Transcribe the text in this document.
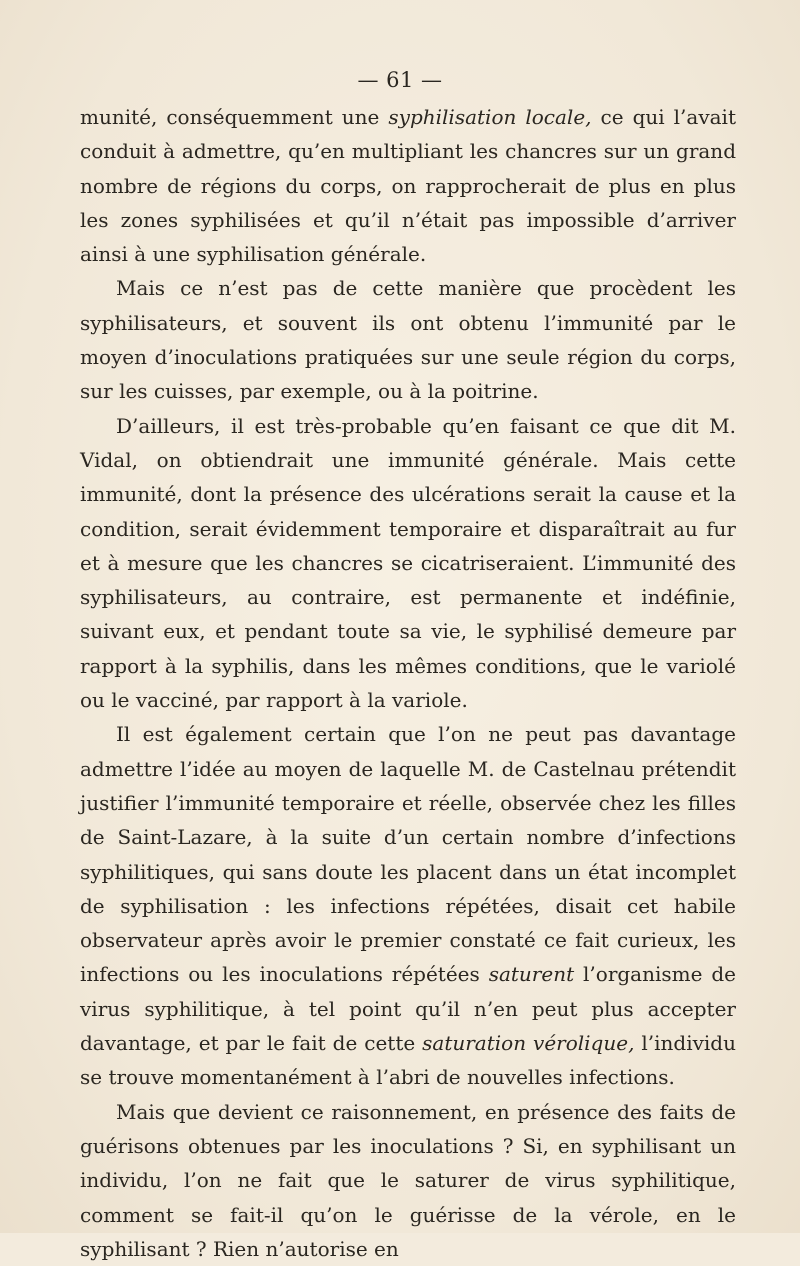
— 61 —

munité, conséquemment une syphilisation locale, ce qui l’avait conduit à admettre, qu’en multipliant les chancres sur un grand nombre de régions du corps, on rapprocherait de plus en plus les zones syphilisées et qu’il n’était pas impossible d’arriver ainsi à une syphilisation générale.

Mais ce n’est pas de cette manière que procèdent les syphilisateurs, et souvent ils ont obtenu l’immunité par le moyen d’inoculations pratiquées sur une seule région du corps, sur les cuisses, par exemple, ou à la poitrine.

D’ailleurs, il est très-probable qu’en faisant ce que dit M. Vidal, on obtiendrait une immunité générale. Mais cette immunité, dont la présence des ulcérations serait la cause et la condition, serait évidemment temporaire et disparaîtrait au fur et à mesure que les chancres se cicatriseraient. L’immunité des syphilisateurs, au contraire, est permanente et indéfinie, suivant eux, et pendant toute sa vie, le syphilisé demeure par rapport à la syphilis, dans les mêmes conditions, que le variolé ou le vacciné, par rapport à la variole.

Il est également certain que l’on ne peut pas davantage admettre l’idée au moyen de laquelle M. de Castelnau prétendit justifier l’immunité temporaire et réelle, observée chez les filles de Saint-Lazare, à la suite d’un certain nombre d’infections syphilitiques, qui sans doute les placent dans un état incomplet de syphilisation : les infections répétées, disait cet habile observateur après avoir le premier constaté ce fait curieux, les infections ou les inoculations répétées saturent l’organisme de virus syphilitique, à tel point qu’il n’en peut plus accepter davantage, et par le fait de cette saturation vérolique, l’individu se trouve momentanément à l’abri de nouvelles infections.

Mais que devient ce raisonnement, en présence des faits de guérisons obtenues par les inoculations ? Si, en syphilisant un individu, l’on ne fait que le saturer de virus syphilitique, comment se fait-il qu’on le guérisse de la vérole, en le syphilisant ? Rien n’autorise en
